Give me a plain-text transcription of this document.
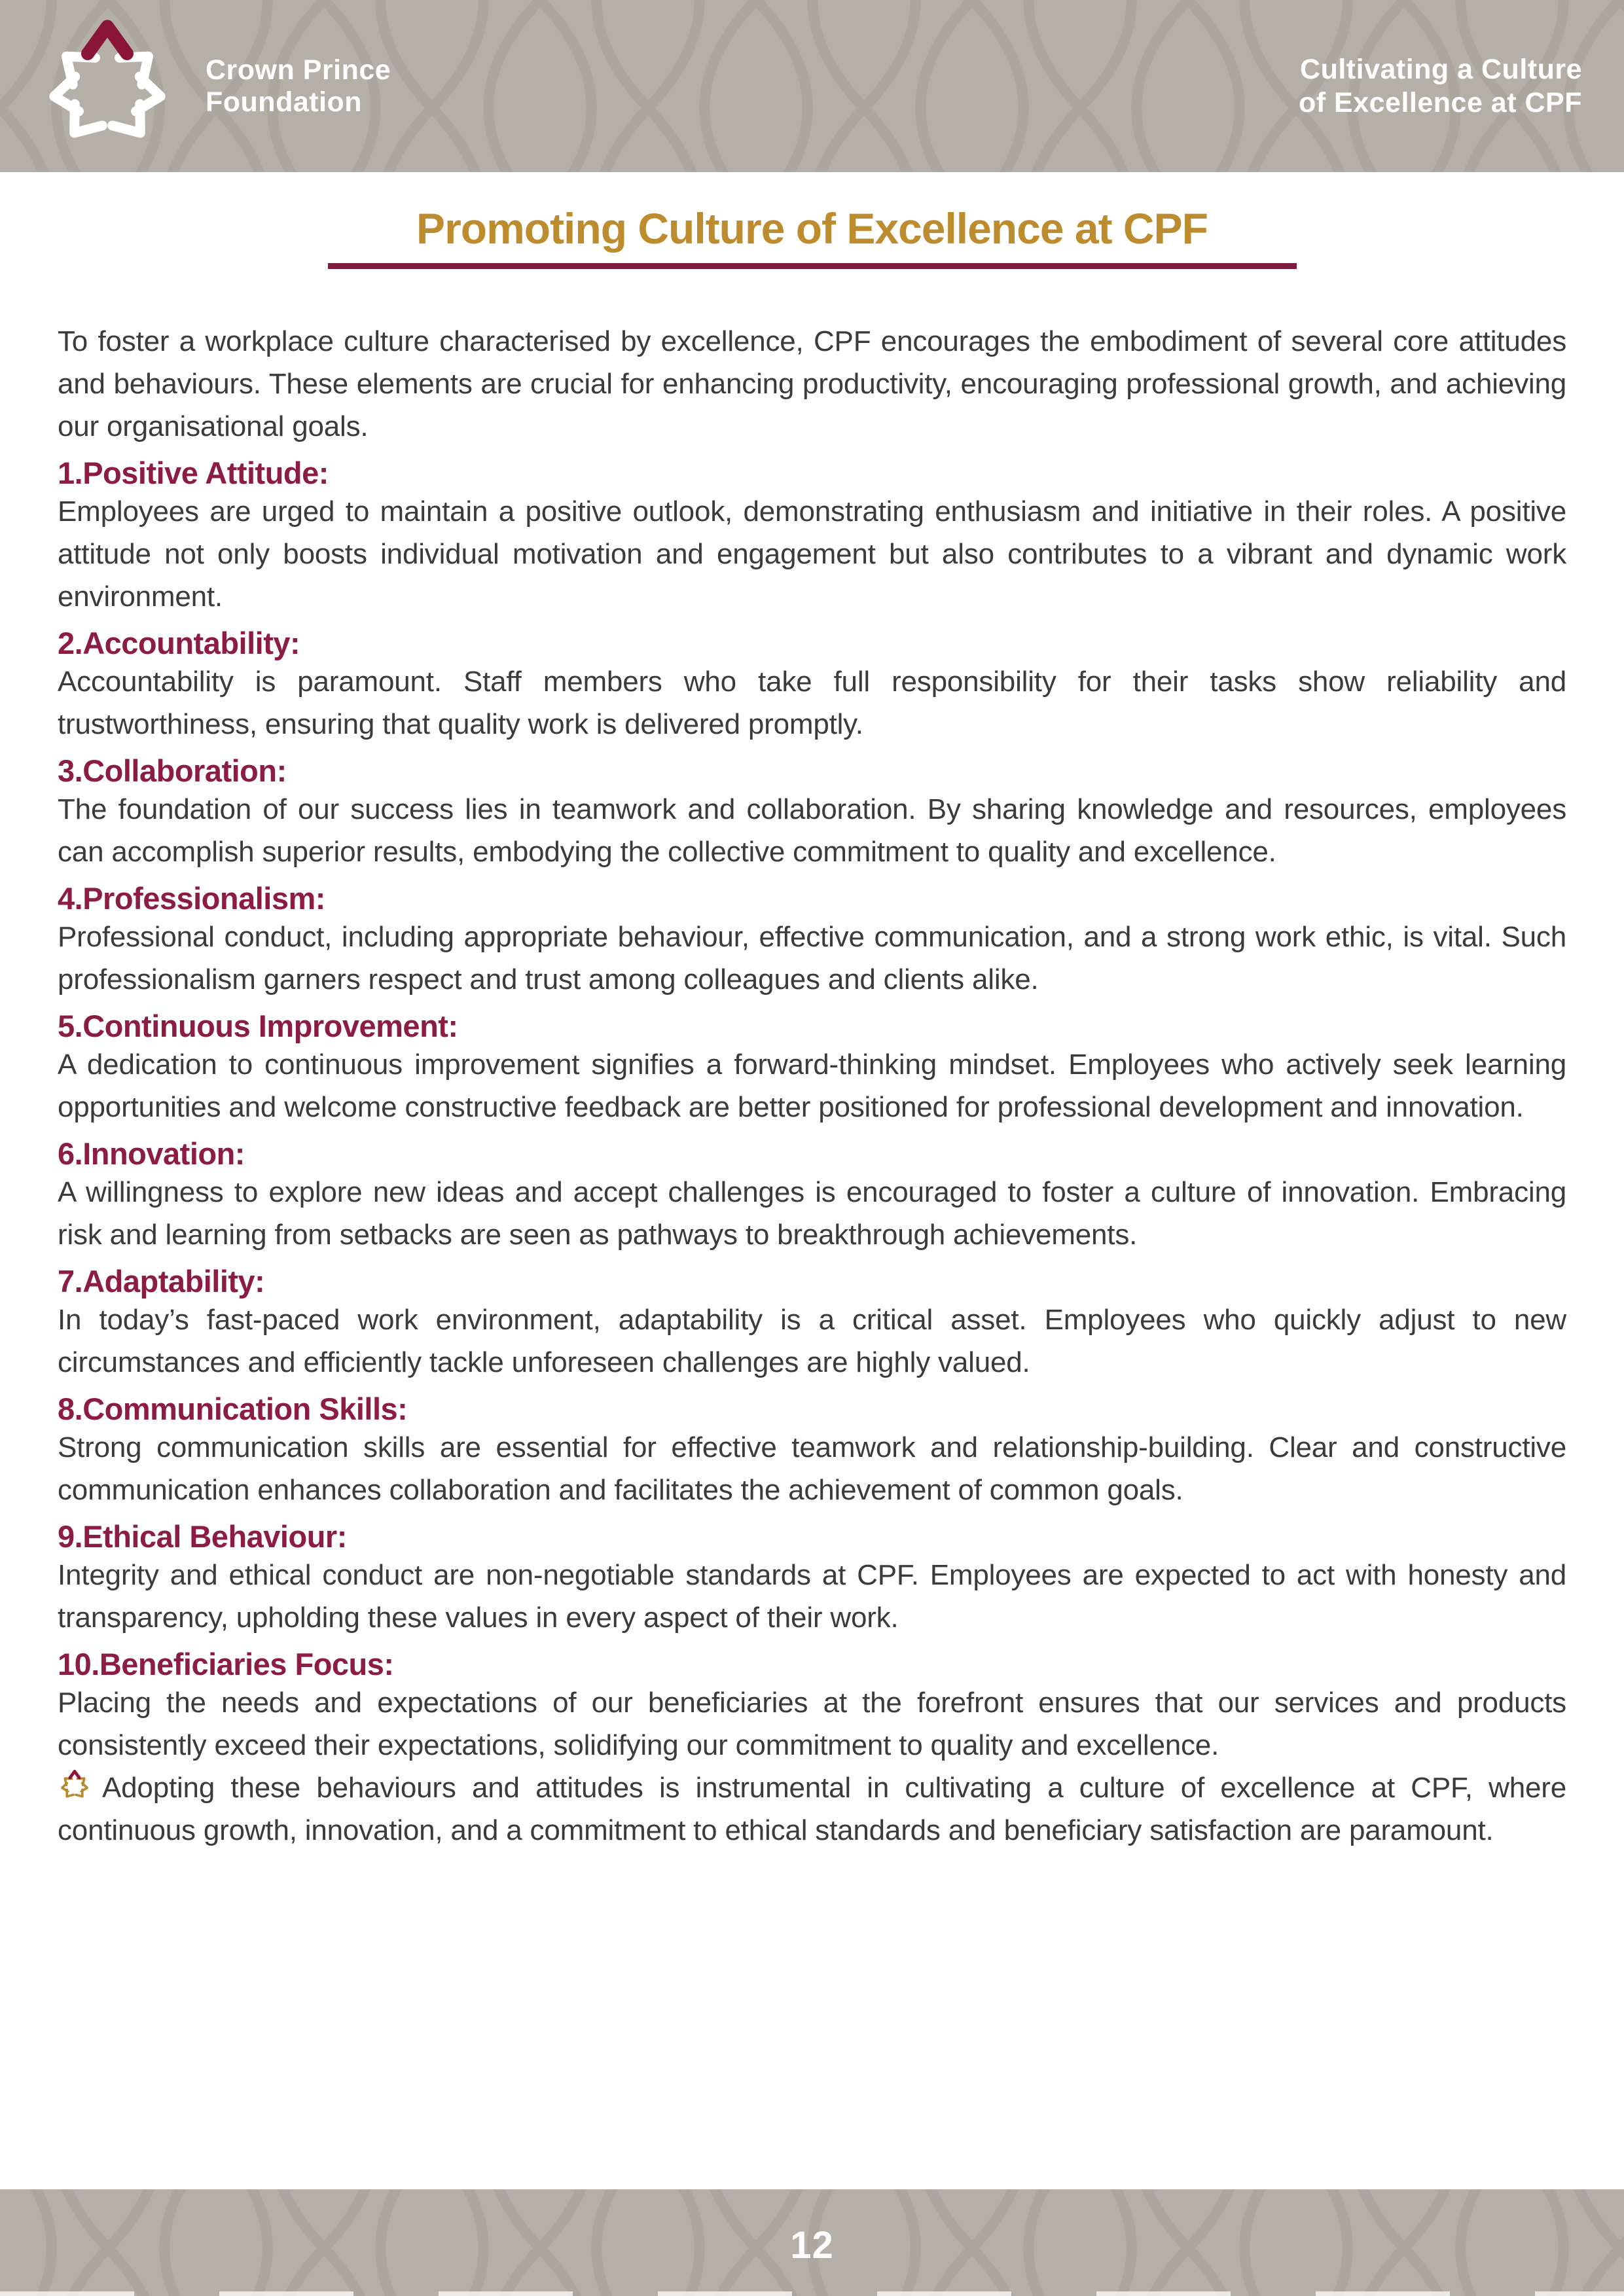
Crown Prince
Foundation
Cultivating a Culture
of Excellence at CPF
Promoting Culture of Excellence at CPF

To foster a workplace culture characterised by excellence, CPF encourages the embodiment of several core attitudes and behaviours. These elements are crucial for enhancing productivity, encouraging professional growth, and achieving our organisational goals.

1.Positive Attitude:

Employees are urged to maintain a positive outlook, demonstrating enthusiasm and initiative in their roles. A positive attitude not only boosts individual motivation and engagement but also contributes to a vibrant and dynamic work environment.

2.Accountability:

Accountability is paramount. Staff members who take full responsibility for their tasks show reliability and trustworthiness, ensuring that quality work is delivered promptly.

3.Collaboration:

The foundation of our success lies in teamwork and collaboration. By sharing knowledge and resources, employees can accomplish superior results, embodying the collective commitment to quality and excellence.

4.Professionalism:

Professional conduct, including appropriate behaviour, effective communication, and a strong work ethic, is vital. Such professionalism garners respect and trust among colleagues and clients alike.

5.Continuous Improvement:

A dedication to continuous improvement signifies a forward-thinking mindset. Employees who actively seek learning opportunities and welcome constructive feedback are better positioned for professional development and innovation.

6.Innovation:

A willingness to explore new ideas and accept challenges is encouraged to foster a culture of innovation. Embracing risk and learning from setbacks are seen as pathways to breakthrough achievements.

7.Adaptability:

In today’s fast-paced work environment, adaptability is a critical asset. Employees who quickly adjust to new circumstances and efficiently tackle unforeseen challenges are highly valued.

8.Communication Skills:

Strong communication skills are essential for effective teamwork and relationship-building. Clear and constructive communication enhances collaboration and facilitates the achievement of common goals.

9.Ethical Behaviour:

Integrity and ethical conduct are non-negotiable standards at CPF. Employees are expected to act with honesty and transparency, upholding these values in every aspect of their work.

10.Beneficiaries Focus:

Placing the needs and expectations of our beneficiaries at the forefront ensures that our services and products consistently exceed their expectations, solidifying our commitment to quality and excellence.

Adopting these behaviours and attitudes is instrumental in cultivating a culture of excellence at CPF, where continuous growth, innovation, and a commitment to ethical standards and beneficiary satisfaction are paramount.

12
